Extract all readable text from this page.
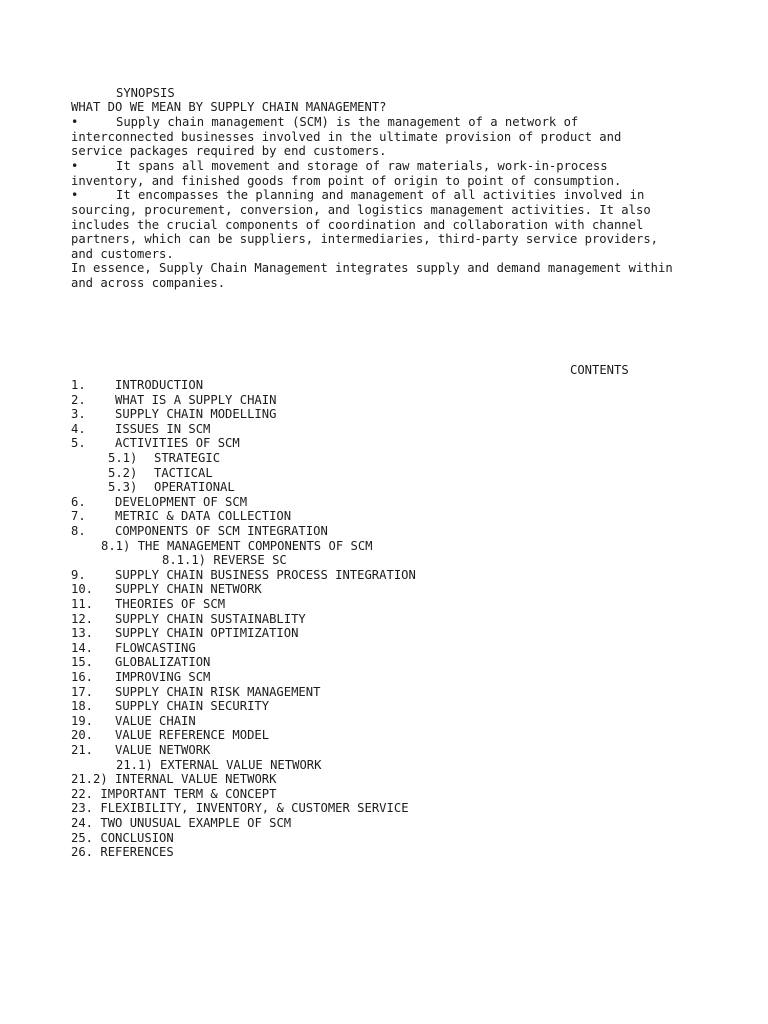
SYNOPSIS
WHAT DO WE MEAN BY SUPPLY CHAIN MANAGEMENT?
•	Supply chain management (SCM) is the management of a network of
interconnected businesses involved in the ultimate provision of product and
service packages required by end customers.
•	It spans all movement and storage of raw materials, work-in-process
inventory, and finished goods from point of origin to point of consumption.
•	It encompasses the planning and management of all activities involved in
sourcing, procurement, conversion, and logistics management activities. It also
includes the crucial components of coordination and collaboration with channel
partners, which can be suppliers, intermediaries, third-party service providers,
and customers.
In essence, Supply Chain Management integrates supply and demand management within
and across companies.
CONTENTS
1. INTRODUCTION
2. WHAT IS A SUPPLY CHAIN
3. SUPPLY CHAIN MODELLING
4. ISSUES IN SCM
5. ACTIVITIES OF SCM
5.1) STRATEGIC
5.2) TACTICAL
5.3) OPERATIONAL
6. DEVELOPMENT OF SCM
7. METRIC & DATA COLLECTION
8. COMPONENTS OF SCM INTEGRATION
8.1) THE MANAGEMENT COMPONENTS OF SCM
8.1.1) REVERSE SC
9. SUPPLY CHAIN BUSINESS PROCESS INTEGRATION
10. SUPPLY CHAIN NETWORK
11. THEORIES OF SCM
12. SUPPLY CHAIN SUSTAINABLITY
13. SUPPLY CHAIN OPTIMIZATION
14. FLOWCASTING
15. GLOBALIZATION
16. IMPROVING SCM
17. SUPPLY CHAIN RISK MANAGEMENT
18. SUPPLY CHAIN SECURITY
19. VALUE CHAIN
20. VALUE REFERENCE MODEL
21. VALUE NETWORK
21.1) EXTERNAL VALUE NETWORK
21.2) INTERNAL VALUE NETWORK
22. IMPORTANT TERM & CONCEPT
23. FLEXIBILITY, INVENTORY, & CUSTOMER SERVICE
24. TWO UNUSUAL EXAMPLE OF SCM
25. CONCLUSION
26. REFERENCES
